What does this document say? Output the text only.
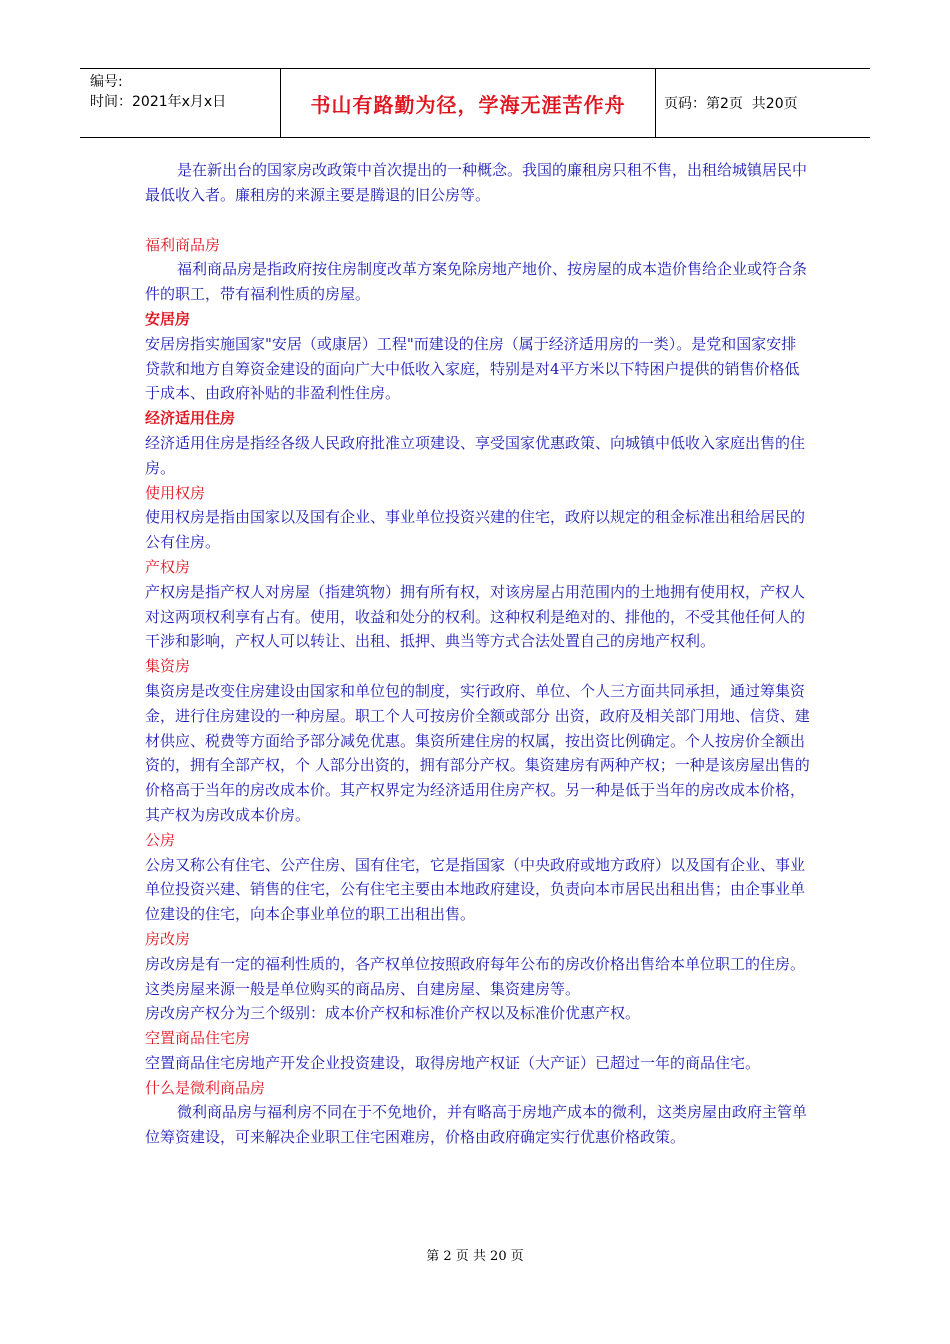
编号:
时间：2021年x月x日	书山有路勤为径，学海无涯苦作舟	页码：第2页  共20页

是在新出台的国家房改政策中首次提出的一种概念。我国的廉租房只租不售，出租给城镇居民中最低收入者。廉租房的来源主要是腾退的旧公房等。

福利商品房

福利商品房是指政府按住房制度改革方案免除房地产地价、按房屋的成本造价售给企业或符合条件的职工，带有福利性质的房屋。

安居房

安居房指实施国家"安居（或康居）工程"而建设的住房（属于经济适用房的一类）。是党和国家安排贷款和地方自筹资金建设的面向广大中低收入家庭，特别是对4平方米以下特困户提供的销售价格低于成本、由政府补贴的非盈利性住房。

经济适用住房

经济适用住房是指经各级人民政府批准立项建设、享受国家优惠政策、向城镇中低收入家庭出售的住房。

使用权房

使用权房是指由国家以及国有企业、事业单位投资兴建的住宅，政府以规定的租金标准出租给居民的公有住房。

产权房

产权房是指产权人对房屋（指建筑物）拥有所有权，对该房屋占用范围内的土地拥有使用权，产权人对这两项权利享有占有。使用，收益和处分的权利。这种权利是绝对的、排他的，不受其他任何人的干涉和影响，产权人可以转让、出租、抵押、典当等方式合法处置自己的房地产权利。

集资房

集资房是改变住房建设由国家和单位包的制度，实行政府、单位、个人三方面共同承担，通过筹集资金，进行住房建设的一种房屋。职工个人可按房价全额或部分 出资，政府及相关部门用地、信贷、建材供应、税费等方面给予部分减免优惠。集资所建住房的权属，按出资比例确定。个人按房价全额出资的，拥有全部产权，个 人部分出资的，拥有部分产权。集资建房有两种产权；一种是该房屋出售的价格高于当年的房改成本价。其产权界定为经济适用住房产权。另一种是低于当年的房改成本价格，其产权为房改成本价房。

公房

公房又称公有住宅、公产住房、国有住宅，它是指国家（中央政府或地方政府）以及国有企业、事业单位投资兴建、销售的住宅，公有住宅主要由本地政府建设，负责向本市居民出租出售；由企事业单位建设的住宅，向本企事业单位的职工出租出售。

房改房

房改房是有一定的福利性质的，各产权单位按照政府每年公布的房改价格出售给本单位职工的住房。这类房屋来源一般是单位购买的商品房、自建房屋、集资建房等。

房改房产权分为三个级别：成本价产权和标准价产权以及标准价优惠产权。

空置商品住宅房

空置商品住宅房地产开发企业投资建设，取得房地产权证（大产证）已超过一年的商品住宅。

什么是微利商品房

微利商品房与福利房不同在于不免地价，并有略高于房地产成本的微利，这类房屋由政府主管单位筹资建设，可来解决企业职工住宅困难房，价格由政府确定实行优惠价格政策。

第 2 页 共 20 页
